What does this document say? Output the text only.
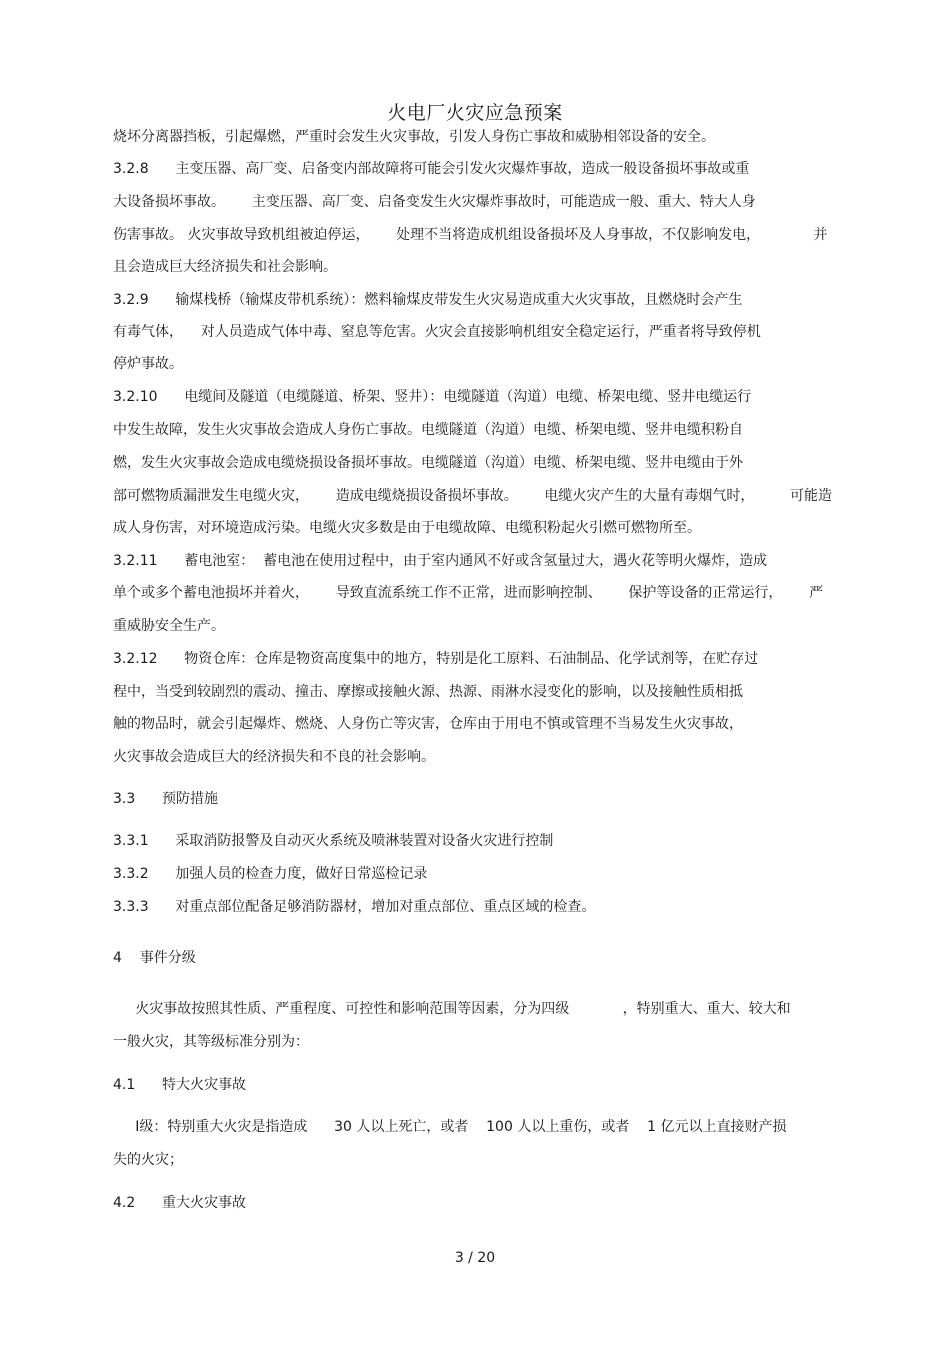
火电厂火灾应急预案
烧坏分离器挡板，引起爆燃，严重时会发生火灾事故，引发人身伤亡事故和威胁相邻设备的安全。
3.2.8      主变压器、高厂变、启备变内部故障将可能会引发火灾爆炸事故，造成一般设备损坏事故或重
大设备损坏事故。      主变压器、高厂变、启备变发生火灾爆炸事故时，可能造成一般、重大、特大人身
伤害事故。 火灾事故导致机组被迫停运，      处理不当将造成机组设备损坏及人身事故，不仅影响发电，            并
且会造成巨大经济损失和社会影响。
3.2.9      输煤栈桥（输煤皮带机系统）：燃料输煤皮带发生火灾易造成重大火灾事故，且燃烧时会产生
有毒气体，    对人员造成气体中毒、窒息等危害。火灾会直接影响机组安全稳定运行，严重者将导致停机
停炉事故。
3.2.10      电缆间及隧道（电缆隧道、桥架、竖井）：电缆隧道（沟道）电缆、桥架电缆、竖井电缆运行
中发生故障，发生火灾事故会造成人身伤亡事故。电缆隧道（沟道）电缆、桥架电缆、竖井电缆积粉自
燃，发生火灾事故会造成电缆烧损设备损坏事故。电缆隧道（沟道）电缆、桥架电缆、竖井电缆由于外
部可燃物质漏泄发生电缆火灾，      造成电缆烧损设备损坏事故。      电缆火灾产生的大量有毒烟气时，        可能造
成人身伤害，对环境造成污染。电缆火灾多数是由于电缆故障、电缆积粉起火引燃可燃物所至。
3.2.11      蓄电池室：  蓄电池在使用过程中，由于室内通风不好或含氢量过大，遇火花等明火爆炸，造成
单个或多个蓄电池损坏并着火，      导致直流系统工作不正常，进而影响控制、      保护等设备的正常运行，      严
重威胁安全生产。
3.2.12      物资仓库：仓库是物资高度集中的地方，特别是化工原料、石油制品、化学试剂等，在贮存过
程中，当受到较剧烈的震动、撞击、摩擦或接触火源、热源、雨淋水浸变化的影响，以及接触性质相抵
触的物品时，就会引起爆炸、燃烧、人身伤亡等灾害，仓库由于用电不慎或管理不当易发生火灾事故，
火灾事故会造成巨大的经济损失和不良的社会影响。
3.3      预防措施
3.3.1      采取消防报警及自动灭火系统及喷淋装置对设备火灾进行控制
3.3.2      加强人员的检查力度，做好日常巡检记录
3.3.3      对重点部位配备足够消防器材，增加对重点部位、重点区域的检查。
4    事件分级
火灾事故按照其性质、严重程度、可控性和影响范围等因素，分为四级            ，特别重大、重大、较大和
一般火灾，其等级标准分别为：
4.1      特大火灾事故
Ⅰ级：特别重大火灾是指造成      30 人以上死亡，或者    100 人以上重伤，或者    1 亿元以上直接财产损
失的火灾；
4.2      重大火灾事故
3 / 20
